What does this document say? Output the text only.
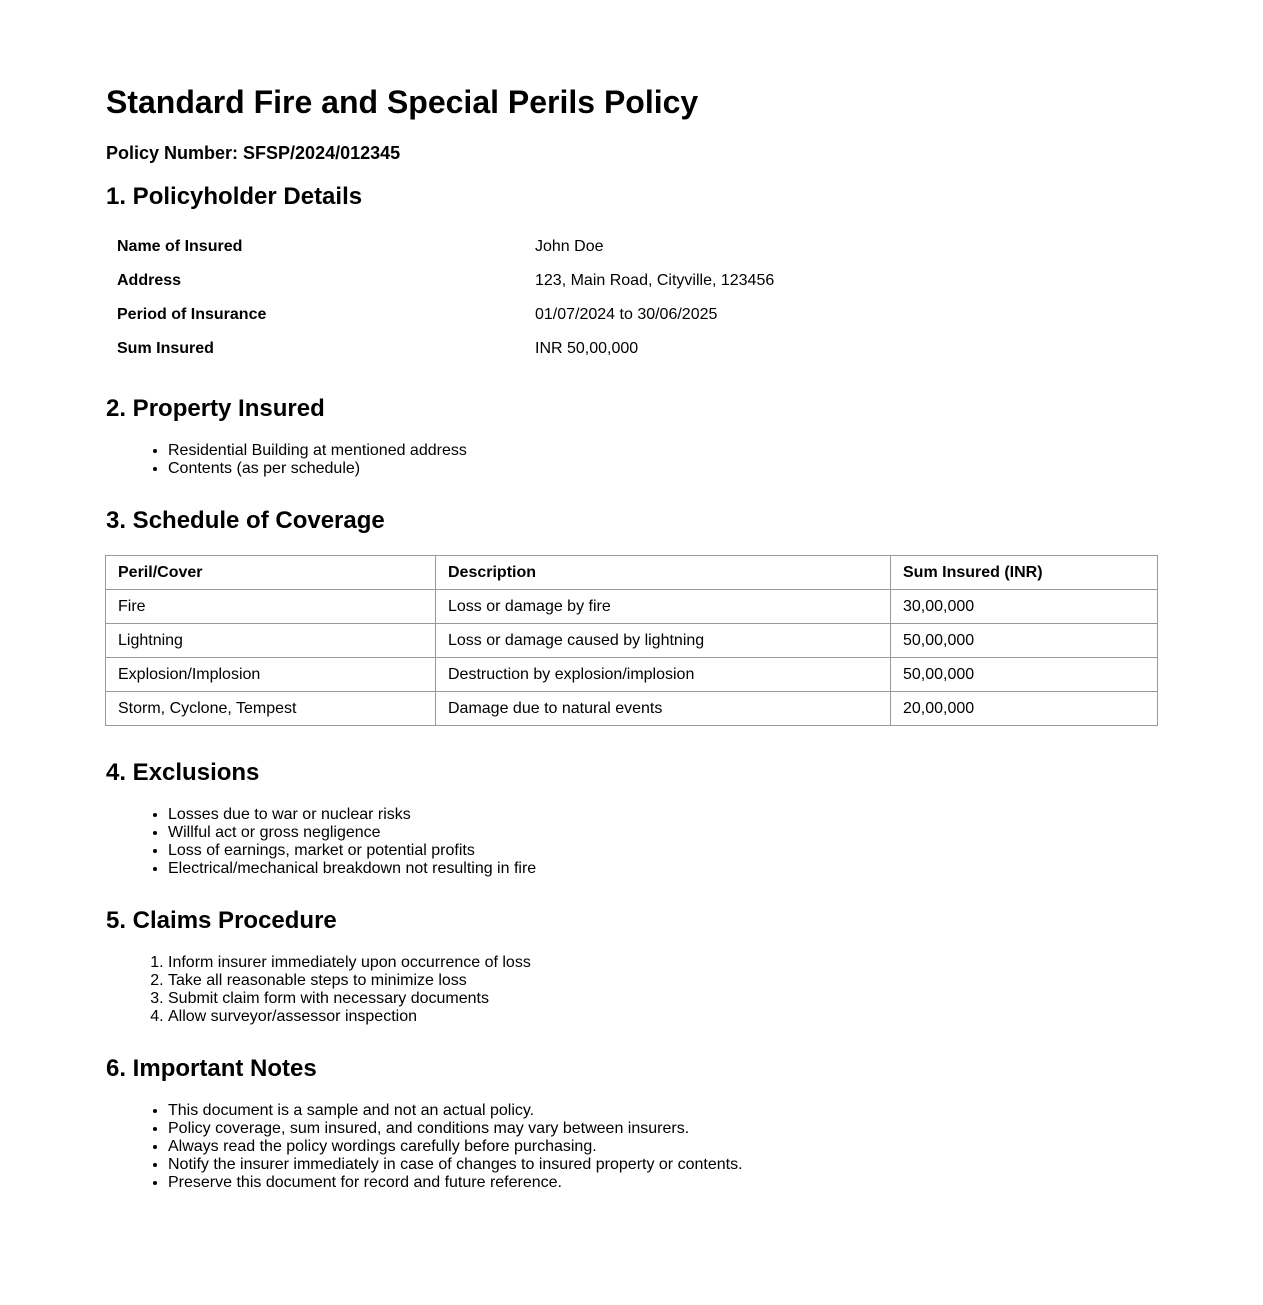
Standard Fire and Special Perils Policy

Policy Number: SFSP/2024/012345

1. Policyholder Details
Name of Insured	John Doe
Address	123, Main Road, Cityville, 123456
Period of Insurance	01/07/2024 to 30/06/2025
Sum Insured	INR 50,00,000
2. Property Insured
• Residential Building at mentioned address
• Contents (as per schedule)
3. Schedule of Coverage
Peril/Cover	Description	Sum Insured (INR)
Fire	Loss or damage by fire	30,00,000
Lightning	Loss or damage caused by lightning	50,00,000
Explosion/Implosion	Destruction by explosion/implosion	50,00,000
Storm, Cyclone, Tempest	Damage due to natural events	20,00,000
4. Exclusions
• Losses due to war or nuclear risks
• Willful act or gross negligence
• Loss of earnings, market or potential profits
• Electrical/mechanical breakdown not resulting in fire
5. Claims Procedure
1. Inform insurer immediately upon occurrence of loss
2. Take all reasonable steps to minimize loss
3. Submit claim form with necessary documents
4. Allow surveyor/assessor inspection
6. Important Notes
• This document is a sample and not an actual policy.
• Policy coverage, sum insured, and conditions may vary between insurers.
• Always read the policy wordings carefully before purchasing.
• Notify the insurer immediately in case of changes to insured property or contents.
• Preserve this document for record and future reference.
